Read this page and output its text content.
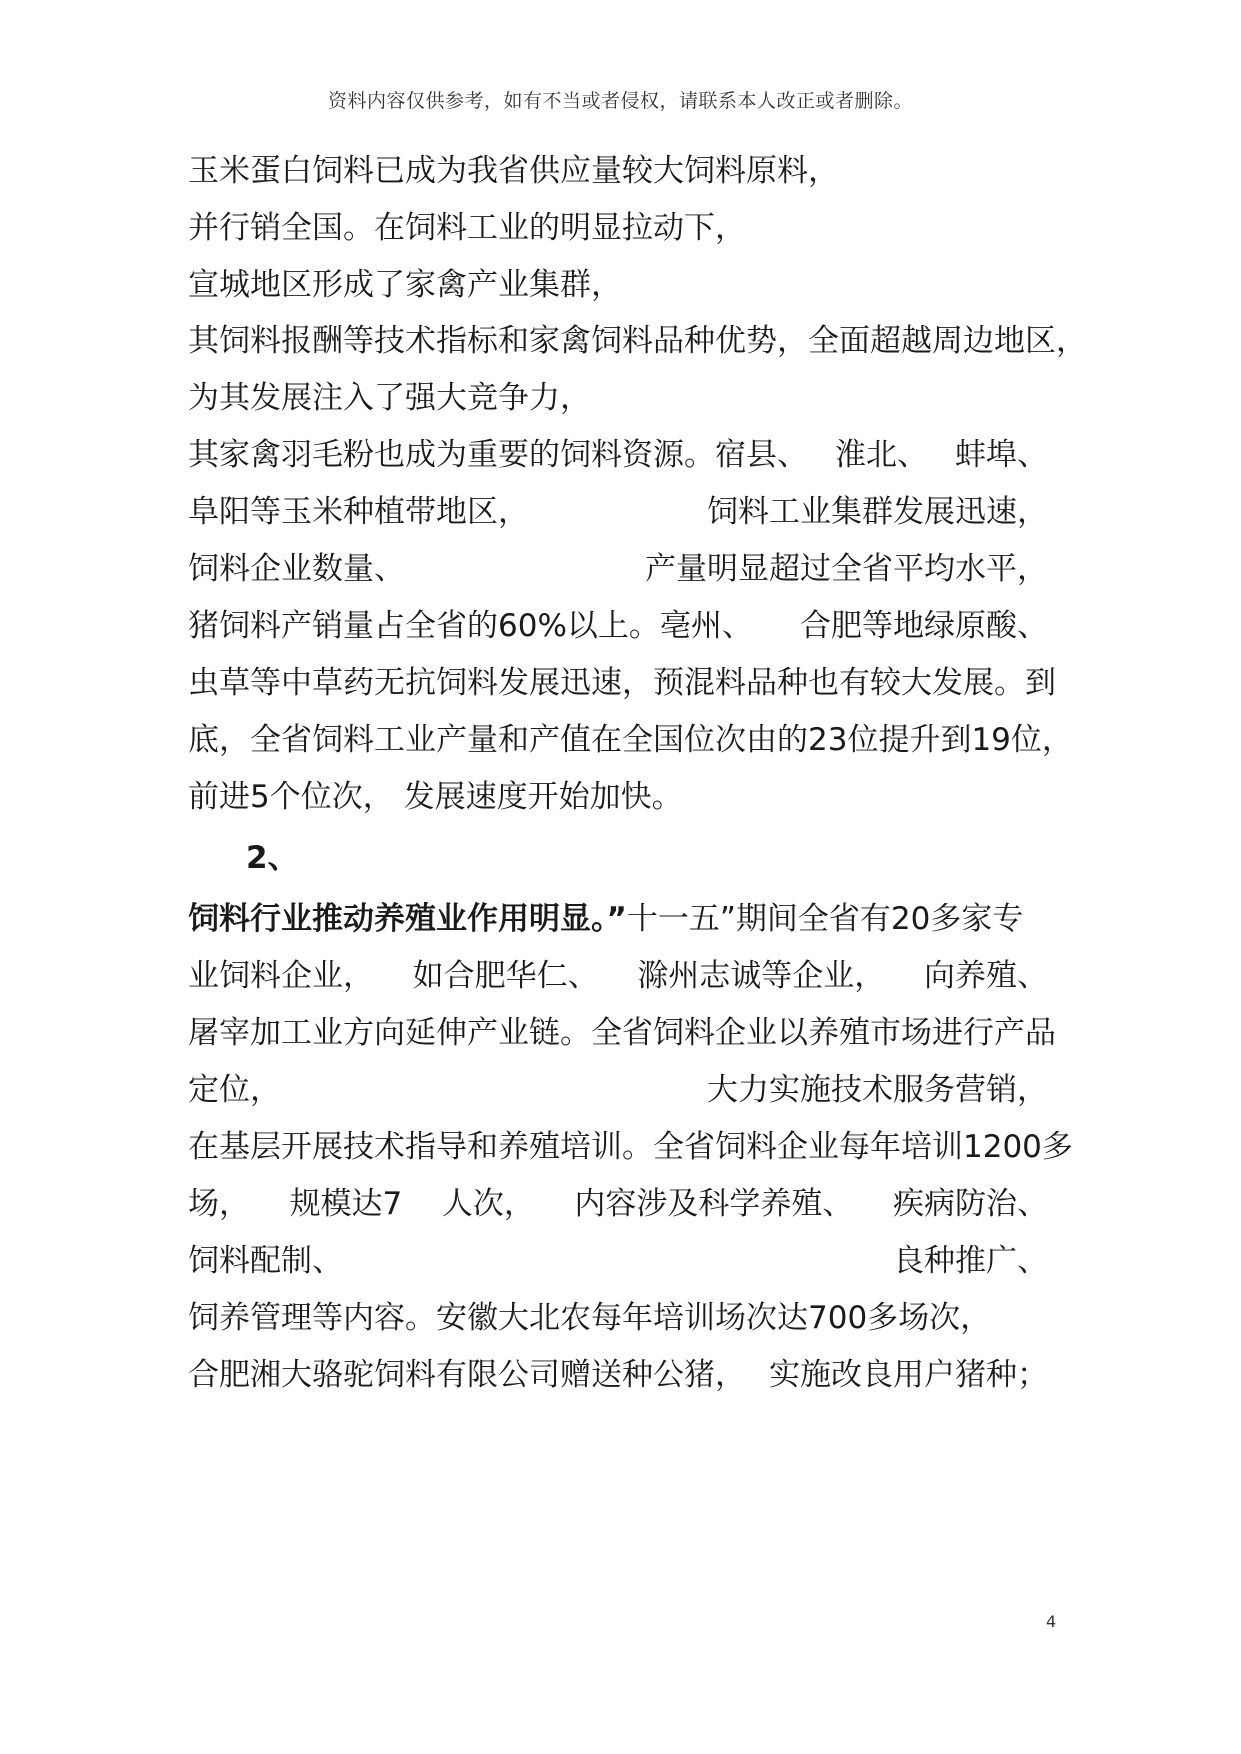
资料内容仅供参考，如有不当或者侵权，请联系本人改正或者删除。
玉米蛋白饲料已成为我省供应量较大饲料原料，
并行销全国。在饲料工业的明显拉动下，
宣城地区形成了家禽产业集群，
其饲料报酬等技术指标和家禽饲料品种优势， 全面超越周边地区，
为其发展注入了强大竞争力，
其家禽羽毛粉也成为重要的饲料资源。宿县、 淮北、 蚌埠、
阜阳等玉米种植带地区，	饲料工业集群发展迅速，
饲料企业数量、	产量明显超过全省平均水平，
猪饲料产销量占全省的60%以上。亳州、 合肥等地绿原酸、
虫草等中草药无抗饲料发展迅速， 预混料品种也有较大发展。到
底， 全省饲料工业产量和产值在全国位次由 的23位提升到19位，
前进5个位次， 发展速度开始加快。
2、
饲料行业推动养殖业作用明显。”十一五”期间全省有20多家专
业饲料企业， 如合肥华仁、 滁州志诚等企业， 向养殖、
屠宰加工业方向延伸产业链。全省饲料企业以养殖市场进行产品
定位，	大力实施技术服务营销，
在基层开展技术指导和养殖培训。全省饲料企业每年培训1200多
场， 规模达7 人次， 内容涉及科学养殖、 疾病防治、
饲料配制、	良种推广、
饲养管理等内容。安徽大北农每年培训场次达700多场次，
合肥湘大骆驼饲料有限公司赠送种公猪， 实施改良用户猪种；
4
